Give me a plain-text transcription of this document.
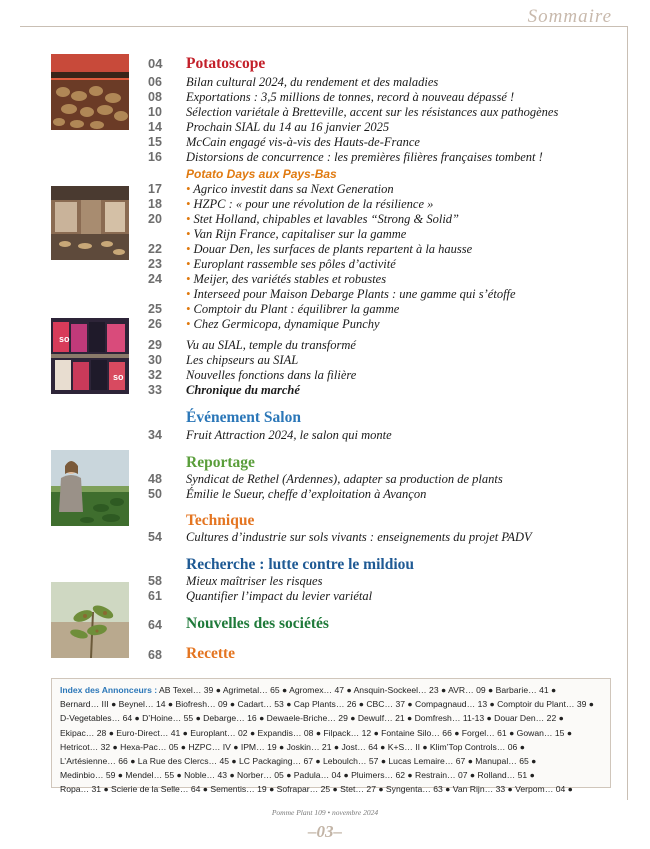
Sommaire
so
so
04 Potatoscope
06	Bilan cultural 2024, du rendement et des maladies
08	Exportations : 3,5 millions de tonnes, record à nouveau dépassé !
10	Sélection variétale à Bretteville, accent sur les résistances aux pathogènes
14	Prochain SIAL du 14 au 16 janvier 2025
15	McCain engagé vis-à-vis des Hauts-de-France
16	Distorsions de concurrence : les premières filières françaises tombent !
Potato Days aux Pays-Bas
17	• Agrico investit dans sa Next Generation
18	• HZPC : « pour une révolution de la résilience »
20	• Stet Holland, chipables et lavables “Strong & Solid”
• Van Rijn France, capitaliser sur la gamme
22	• Douar Den, les surfaces de plants repartent à la hausse
23	• Europlant rassemble ses pôles d’activité
24	• Meijer, des variétés stables et robustes
• Interseed pour Maison Debarge Plants : une gamme qui s’étoffe
25	• Comptoir du Plant : équilibrer la gamme
26	• Chez Germicopa, dynamique Punchy
29	Vu au SIAL, temple du transformé
30	Les chipseurs au SIAL
32	Nouvelles fonctions dans la filière
33	Chronique du marché
Événement Salon
34	Fruit Attraction 2024, le salon qui monte
Reportage
48	Syndicat de Rethel (Ardennes), adapter sa production de plants
50	Émilie le Sueur, cheffe d’exploitation à Avançon
Technique
54	Cultures d’industrie sur sols vivants : enseignements du projet PADV
Recherche : lutte contre le mildiou
58	Mieux maîtriser les risques
61	Quantifier l’impact du levier variétal
64	Nouvelles des sociétés
68	Recette
Index des Annonceurs : AB Texel… 39 ● Agrimetal… 65 ● Agromex… 47 ● Ansquin-Sockeel… 23 ● AVR… 09 ● Barbarie… 41 ●
Bernard… III ● Beynel… 14 ● Biofresh… 09 ● Cadart… 53 ● Cap Plants… 26 ● CBC… 37 ● Compagnaud… 13 ● Comptoir du Plant… 39 ●
D-Vegetables… 64 ● D’Hoine… 55 ● Debarge… 16 ● Dewaele-Briche… 29 ● Dewulf… 21 ● Domfresh… 11-13 ● Douar Den… 22 ●
Ekipac… 28 ● Euro-Direct… 41 ● Europlant… 02 ● Expandis… 08 ● Filpack… 12 ● Fontaine Silo… 66 ● Forgel… 61 ● Gowan… 15 ●
Hetricot… 32 ● Hexa-Pac… 05 ● HZPC… IV ● IPM… 19 ● Joskin… 21 ● Jost… 64 ● K+S… II ● Klim’Top Controls… 06 ●
L’Artésienne… 66 ● La Rue des Clercs… 45 ● LC Packaging… 67 ● Leboulch… 57 ● Lucas Lemaire… 67 ● Manupal… 65 ●
Medinbio… 59 ● Mendel… 55 ● Noble… 43 ● Norber… 05 ● Padula… 04 ● Pluimers… 62 ● Restrain… 07 ● Rolland… 51 ●
Ropa… 31 ● Scierie de la Selle… 64 ● Sementis… 19 ● Sofrapar… 25 ● Stet… 27 ● Syngenta… 63 ● Van Rijn… 33 ● Verpom… 04 ●
Pomme Plant 109 • novembre 2024
–03–
